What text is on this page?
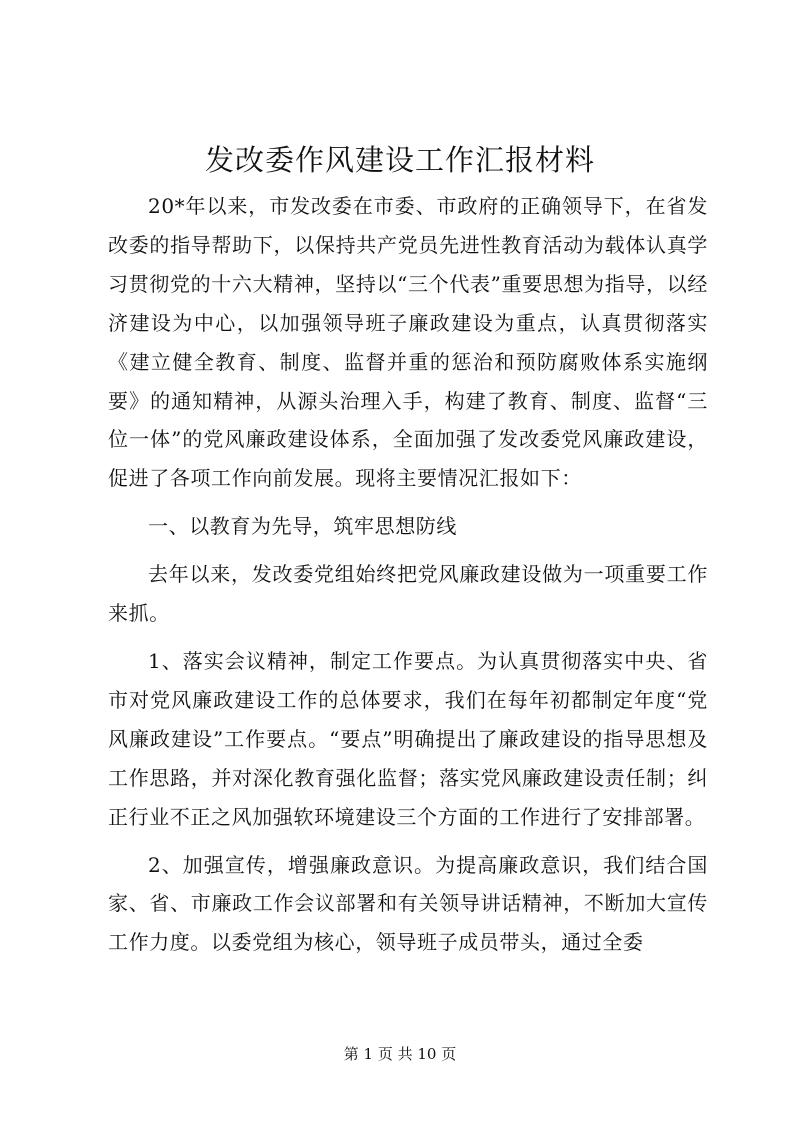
发改委作风建设工作汇报材料

20*年以来，市发改委在市委、市政府的正确领导下，在省发改委的指导帮助下，以保持共产党员先进性教育活动为载体认真学习贯彻党的十六大精神，坚持以“三个代表”重要思想为指导，以经济建设为中心，以加强领导班子廉政建设为重点，认真贯彻落实《建立健全教育、制度、监督并重的惩治和预防腐败体系实施纲要》的通知精神，从源头治理入手，构建了教育、制度、监督“三位一体”的党风廉政建设体系，全面加强了发改委党风廉政建设，促进了各项工作向前发展。现将主要情况汇报如下：

一、以教育为先导，筑牢思想防线

去年以来，发改委党组始终把党风廉政建设做为一项重要工作来抓。

1、落实会议精神，制定工作要点。为认真贯彻落实中央、省市对党风廉政建设工作的总体要求，我们在每年初都制定年度“党风廉政建设”工作要点。“要点”明确提出了廉政建设的指导思想及工作思路，并对深化教育强化监督；落实党风廉政建设责任制；纠正行业不正之风加强软环境建设三个方面的工作进行了安排部署。

2、加强宣传，增强廉政意识。为提高廉政意识，我们结合国家、省、市廉政工作会议部署和有关领导讲话精神，不断加大宣传工作力度。以委党组为核心，领导班子成员带头，通过全委

第 1 页 共 10 页
